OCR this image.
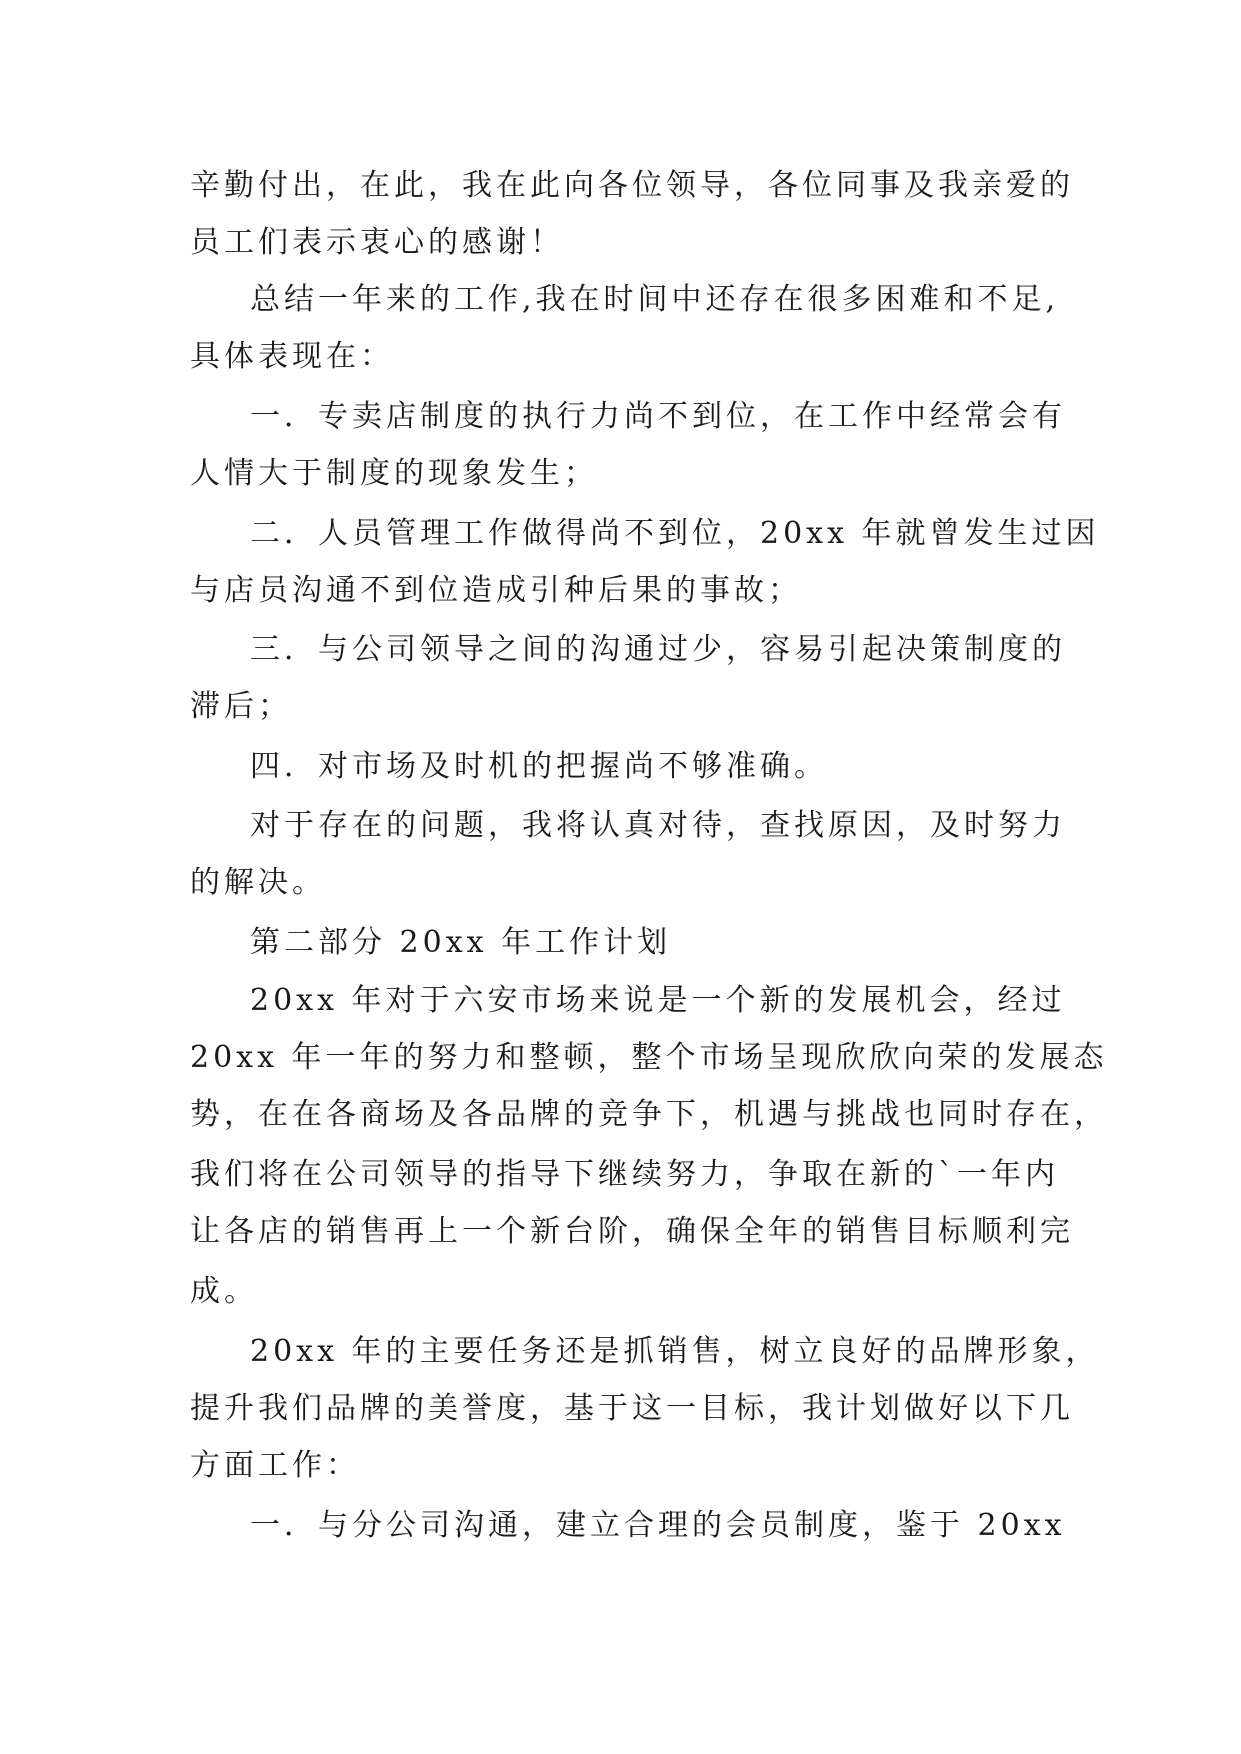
辛勤付出，在此，我在此向各位领导，各位同事及我亲爱的

员工们表示衷心的感谢！

总结一年来的工作,我在时间中还存在很多困难和不足,

具体表现在：

一．专卖店制度的执行力尚不到位，在工作中经常会有

人情大于制度的现象发生；

二．人员管理工作做得尚不到位，20xx 年就曾发生过因

与店员沟通不到位造成引种后果的事故；

三．与公司领导之间的沟通过少，容易引起决策制度的

滞后；

四．对市场及时机的把握尚不够准确。

对于存在的问题，我将认真对待，查找原因，及时努力

的解决。

第二部分 20xx 年工作计划

20xx 年对于六安市场来说是一个新的发展机会，经过

20xx 年一年的努力和整顿，整个市场呈现欣欣向荣的发展态

势，在在各商场及各品牌的竞争下，机遇与挑战也同时存在，

我们将在公司领导的指导下继续努力，争取在新的`一年内

让各店的销售再上一个新台阶，确保全年的销售目标顺利完

成。

20xx 年的主要任务还是抓销售，树立良好的品牌形象，

提升我们品牌的美誉度，基于这一目标，我计划做好以下几

方面工作：

一．与分公司沟通，建立合理的会员制度，鉴于 20xx
